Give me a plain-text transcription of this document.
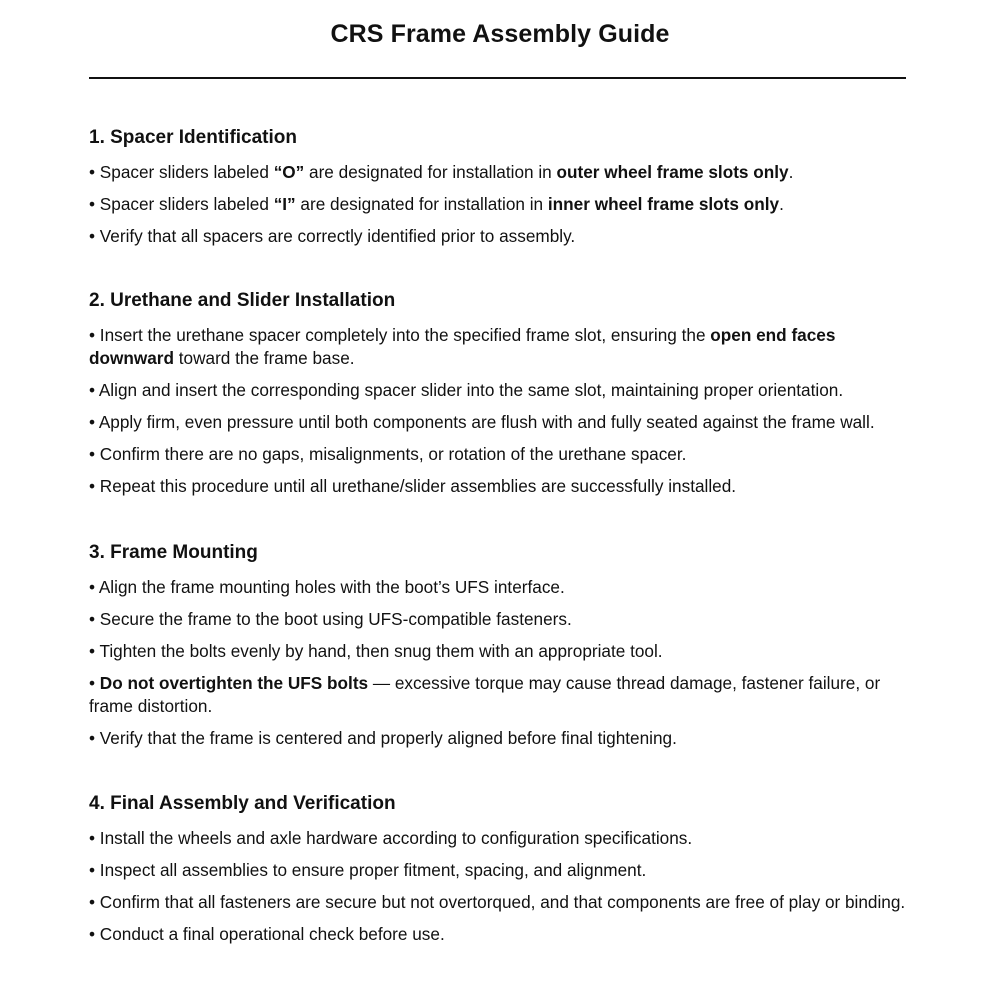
CRS Frame Assembly Guide
1. Spacer Identification

• Spacer sliders labeled “O” are designated for installation in outer wheel frame slots only.

• Spacer sliders labeled “I” are designated for installation in inner wheel frame slots only.

• Verify that all spacers are correctly identified prior to assembly.

2. Urethane and Slider Installation

• Insert the urethane spacer completely into the specified frame slot, ensuring the open end faces downward toward the frame base.

• Align and insert the corresponding spacer slider into the same slot, maintaining proper orientation.

• Apply firm, even pressure until both components are flush with and fully seated against the frame wall.

• Confirm there are no gaps, misalignments, or rotation of the urethane spacer.

• Repeat this procedure until all urethane/slider assemblies are successfully installed.

3. Frame Mounting

• Align the frame mounting holes with the boot’s UFS interface.

• Secure the frame to the boot using UFS-compatible fasteners.

• Tighten the bolts evenly by hand, then snug them with an appropriate tool.

• Do not overtighten the UFS bolts — excessive torque may cause thread damage, fastener failure, or frame distortion.

• Verify that the frame is centered and properly aligned before final tightening.

4. Final Assembly and Verification

• Install the wheels and axle hardware according to configuration specifications.

• Inspect all assemblies to ensure proper fitment, spacing, and alignment.

• Confirm that all fasteners are secure but not overtorqued, and that components are free of play or binding.

• Conduct a final operational check before use.
